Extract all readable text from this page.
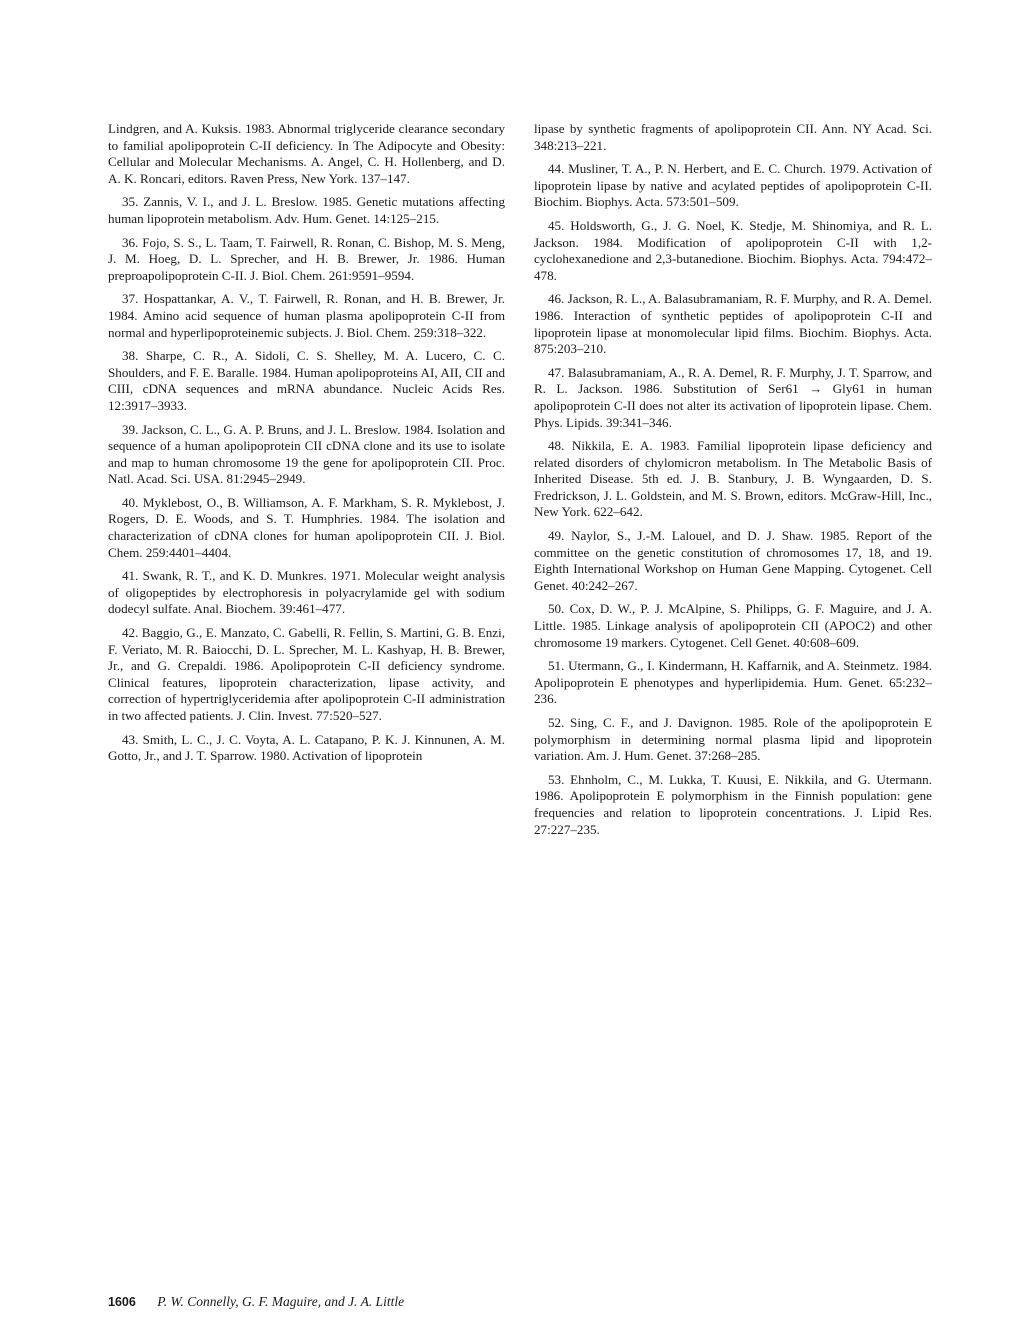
Lindgren, and A. Kuksis. 1983. Abnormal triglyceride clearance secondary to familial apolipoprotein C-II deficiency. In The Adipocyte and Obesity: Cellular and Molecular Mechanisms. A. Angel, C. H. Hollenberg, and D. A. K. Roncari, editors. Raven Press, New York. 137–147.

35. Zannis, V. I., and J. L. Breslow. 1985. Genetic mutations affecting human lipoprotein metabolism. Adv. Hum. Genet. 14:125–215.

36. Fojo, S. S., L. Taam, T. Fairwell, R. Ronan, C. Bishop, M. S. Meng, J. M. Hoeg, D. L. Sprecher, and H. B. Brewer, Jr. 1986. Human preproapolipoprotein C-II. J. Biol. Chem. 261:9591–9594.

37. Hospattankar, A. V., T. Fairwell, R. Ronan, and H. B. Brewer, Jr. 1984. Amino acid sequence of human plasma apolipoprotein C-II from normal and hyperlipoproteinemic subjects. J. Biol. Chem. 259:318–322.

38. Sharpe, C. R., A. Sidoli, C. S. Shelley, M. A. Lucero, C. C. Shoulders, and F. E. Baralle. 1984. Human apolipoproteins AI, AII, CII and CIII, cDNA sequences and mRNA abundance. Nucleic Acids Res. 12:3917–3933.

39. Jackson, C. L., G. A. P. Bruns, and J. L. Breslow. 1984. Isolation and sequence of a human apolipoprotein CII cDNA clone and its use to isolate and map to human chromosome 19 the gene for apolipoprotein CII. Proc. Natl. Acad. Sci. USA. 81:2945–2949.

40. Myklebost, O., B. Williamson, A. F. Markham, S. R. Myklebost, J. Rogers, D. E. Woods, and S. T. Humphries. 1984. The isolation and characterization of cDNA clones for human apolipoprotein CII. J. Biol. Chem. 259:4401–4404.

41. Swank, R. T., and K. D. Munkres. 1971. Molecular weight analysis of oligopeptides by electrophoresis in polyacrylamide gel with sodium dodecyl sulfate. Anal. Biochem. 39:461–477.

42. Baggio, G., E. Manzato, C. Gabelli, R. Fellin, S. Martini, G. B. Enzi, F. Veriato, M. R. Baiocchi, D. L. Sprecher, M. L. Kashyap, H. B. Brewer, Jr., and G. Crepaldi. 1986. Apolipoprotein C-II deficiency syndrome. Clinical features, lipoprotein characterization, lipase activity, and correction of hypertriglyceridemia after apolipoprotein C-II administration in two affected patients. J. Clin. Invest. 77:520–527.

43. Smith, L. C., J. C. Voyta, A. L. Catapano, P. K. J. Kinnunen, A. M. Gotto, Jr., and J. T. Sparrow. 1980. Activation of lipoprotein

lipase by synthetic fragments of apolipoprotein CII. Ann. NY Acad. Sci. 348:213–221.

44. Musliner, T. A., P. N. Herbert, and E. C. Church. 1979. Activation of lipoprotein lipase by native and acylated peptides of apolipoprotein C-II. Biochim. Biophys. Acta. 573:501–509.

45. Holdsworth, G., J. G. Noel, K. Stedje, M. Shinomiya, and R. L. Jackson. 1984. Modification of apolipoprotein C-II with 1,2-cyclohexanedione and 2,3-butanedione. Biochim. Biophys. Acta. 794:472–478.

46. Jackson, R. L., A. Balasubramaniam, R. F. Murphy, and R. A. Demel. 1986. Interaction of synthetic peptides of apolipoprotein C-II and lipoprotein lipase at monomolecular lipid films. Biochim. Biophys. Acta. 875:203–210.

47. Balasubramaniam, A., R. A. Demel, R. F. Murphy, J. T. Sparrow, and R. L. Jackson. 1986. Substitution of Ser61 → Gly61 in human apolipoprotein C-II does not alter its activation of lipoprotein lipase. Chem. Phys. Lipids. 39:341–346.

48. Nikkila, E. A. 1983. Familial lipoprotein lipase deficiency and related disorders of chylomicron metabolism. In The Metabolic Basis of Inherited Disease. 5th ed. J. B. Stanbury, J. B. Wyngaarden, D. S. Fredrickson, J. L. Goldstein, and M. S. Brown, editors. McGraw-Hill, Inc., New York. 622–642.

49. Naylor, S., J.-M. Lalouel, and D. J. Shaw. 1985. Report of the committee on the genetic constitution of chromosomes 17, 18, and 19. Eighth International Workshop on Human Gene Mapping. Cytogenet. Cell Genet. 40:242–267.

50. Cox, D. W., P. J. McAlpine, S. Philipps, G. F. Maguire, and J. A. Little. 1985. Linkage analysis of apolipoprotein CII (APOC2) and other chromosome 19 markers. Cytogenet. Cell Genet. 40:608–609.

51. Utermann, G., I. Kindermann, H. Kaffarnik, and A. Steinmetz. 1984. Apolipoprotein E phenotypes and hyperlipidemia. Hum. Genet. 65:232–236.

52. Sing, C. F., and J. Davignon. 1985. Role of the apolipoprotein E polymorphism in determining normal plasma lipid and lipoprotein variation. Am. J. Hum. Genet. 37:268–285.

53. Ehnholm, C., M. Lukka, T. Kuusi, E. Nikkila, and G. Utermann. 1986. Apolipoprotein E polymorphism in the Finnish population: gene frequencies and relation to lipoprotein concentrations. J. Lipid Res. 27:227–235.

1606 P. W. Connelly, G. F. Maguire, and J. A. Little
